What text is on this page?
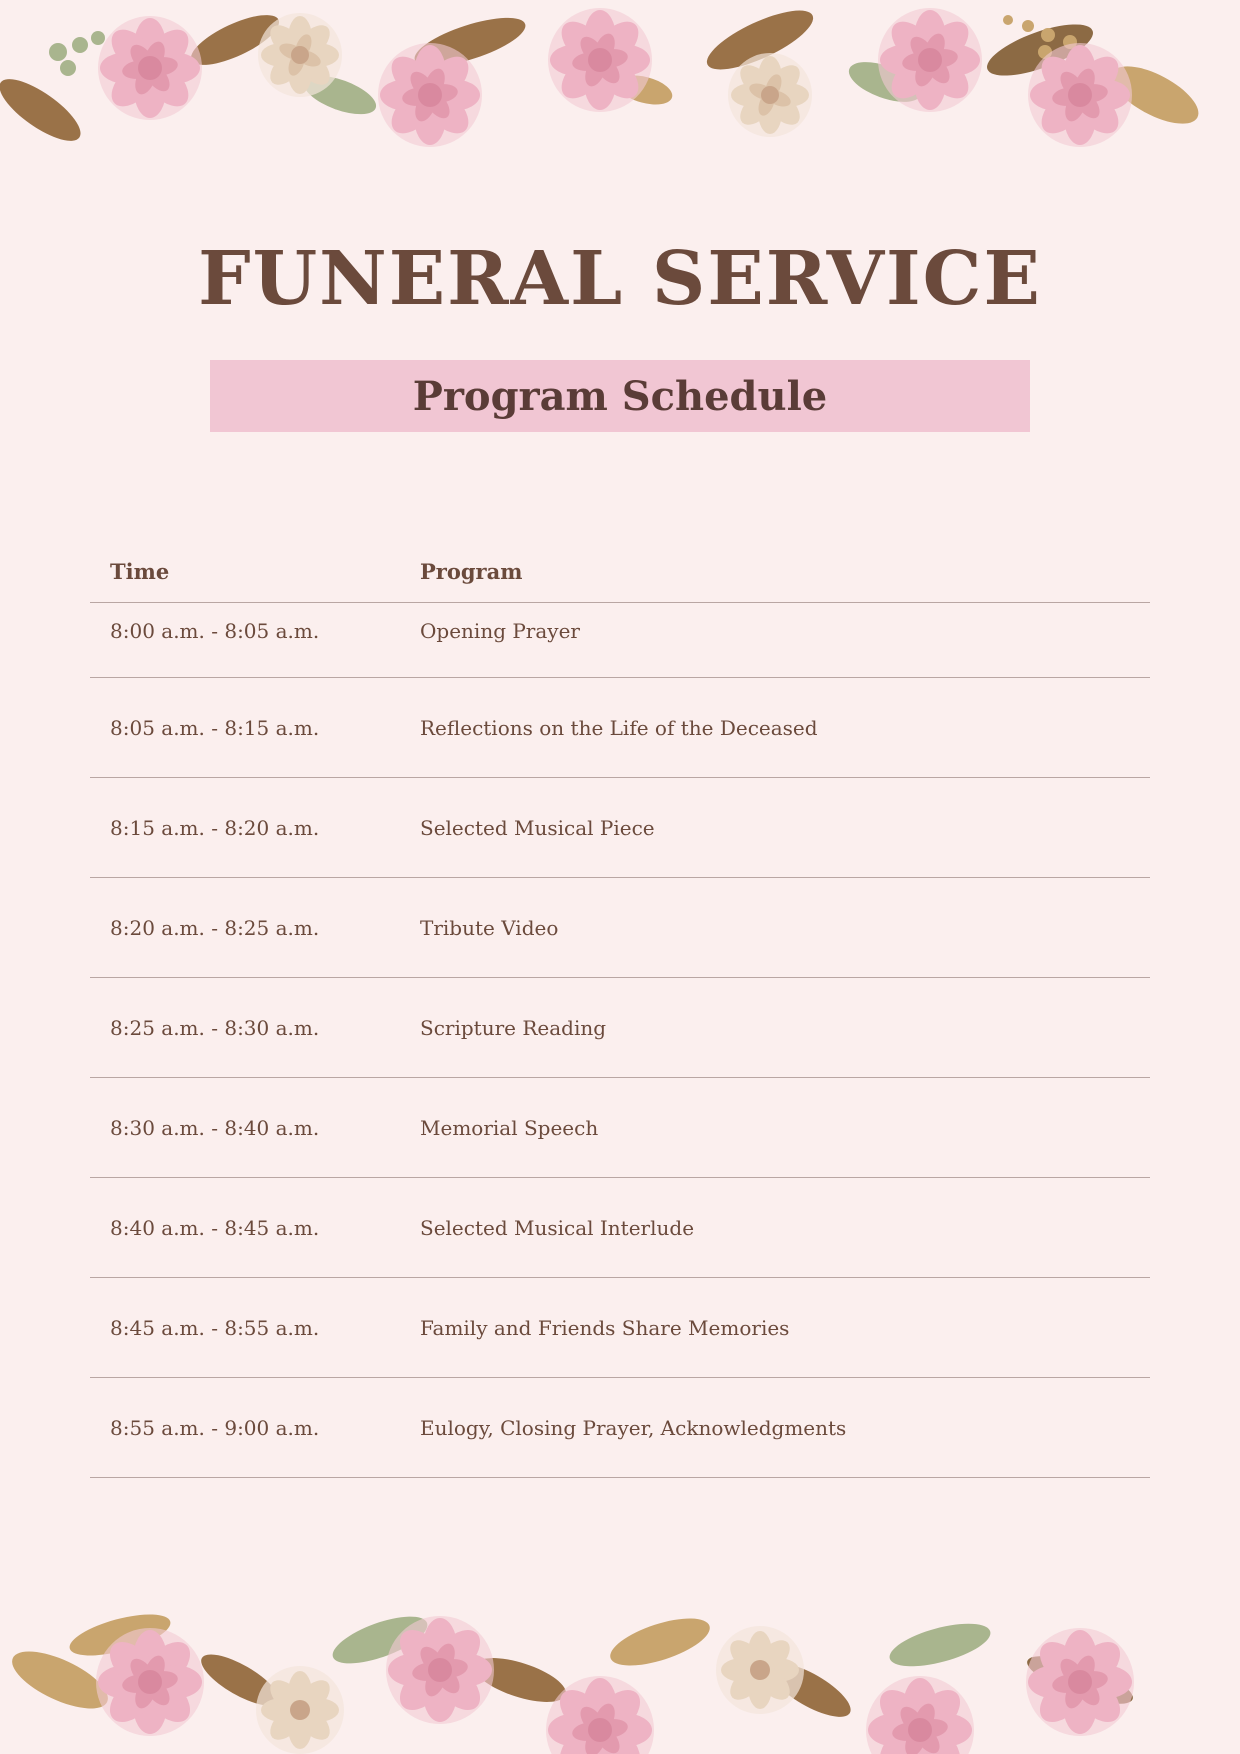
FUNERAL SERVICE
Program Schedule
Time	Program
8:00 a.m. - 8:05 a.m.	Opening Prayer
8:05 a.m. - 8:15 a.m.	Reflections on the Life of the Deceased
8:15 a.m. - 8:20 a.m.	Selected Musical Piece
8:20 a.m. - 8:25 a.m.	Tribute Video
8:25 a.m. - 8:30 a.m.	Scripture Reading
8:30 a.m. - 8:40 a.m.	Memorial Speech
8:40 a.m. - 8:45 a.m.	Selected Musical Interlude
8:45 a.m. - 8:55 a.m.	Family and Friends Share Memories
8:55 a.m. - 9:00 a.m.	Eulogy, Closing Prayer, Acknowledgments
